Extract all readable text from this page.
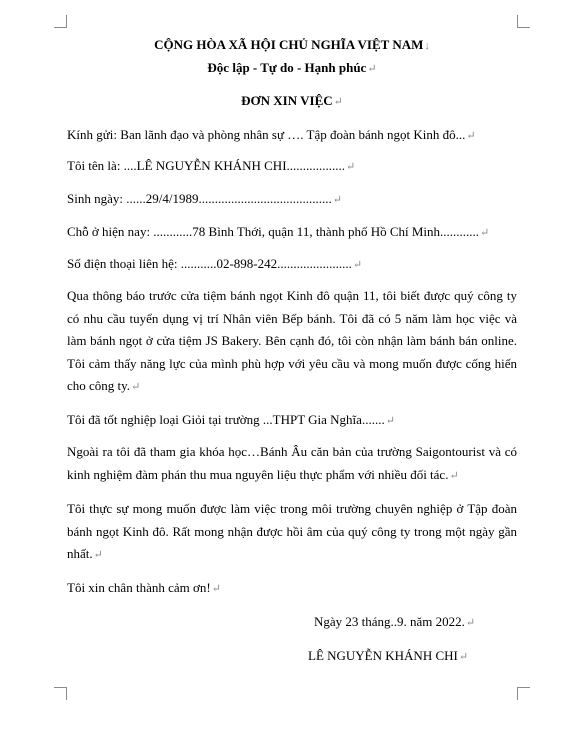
CỘNG HÒA XÃ HỘI CHỦ NGHĨA VIỆT NAM↓
Độc lập - Tự do - Hạnh phúc↵
ĐƠN XIN VIỆC↵
Kính gửi: Ban lãnh đạo và phòng nhân sự …. Tập đoàn bánh ngọt Kinh đô...↵
Tôi tên là: ....LÊ NGUYỄN KHÁNH CHI..................↵
Sinh ngày: ......29/4/1989.........................................↵
Chỗ ở hiện nay: ............78 Bình Thới, quận 11, thành phố Hồ Chí Minh............↵
Số điện thoại liên hệ: ...........02-898-242.......................↵
Qua thông báo trước cửa tiệm bánh ngọt Kinh đô quận 11, tôi biết được quý công ty có nhu cầu tuyển dụng vị trí Nhân viên Bếp bánh. Tôi đã có 5 năm làm học việc và làm bánh ngọt ở cửa tiệm JS Bakery. Bên cạnh đó, tôi còn nhận làm bánh bán online. Tôi cảm thấy năng lực của mình phù hợp với yêu cầu và mong muốn được cống hiến cho công ty.↵
Tôi đã tốt nghiệp loại Giỏi tại trường ...THPT Gia Nghĩa.......↵
Ngoài ra tôi đã tham gia khóa học…Bánh Âu căn bản của trường Saigontourist và có kinh nghiệm đàm phán thu mua nguyên liệu thực phẩm với nhiều đối tác.↵
Tôi thực sự mong muốn được làm việc trong môi trường chuyên nghiệp ở Tập đoàn bánh ngọt Kinh đô. Rất mong nhận được hồi âm của quý công ty trong một ngày gần nhất.↵
Tôi xin chân thành cảm ơn!↵
Ngày 23 tháng..9. năm 2022.↵
LÊ NGUYỄN KHÁNH CHI↵
